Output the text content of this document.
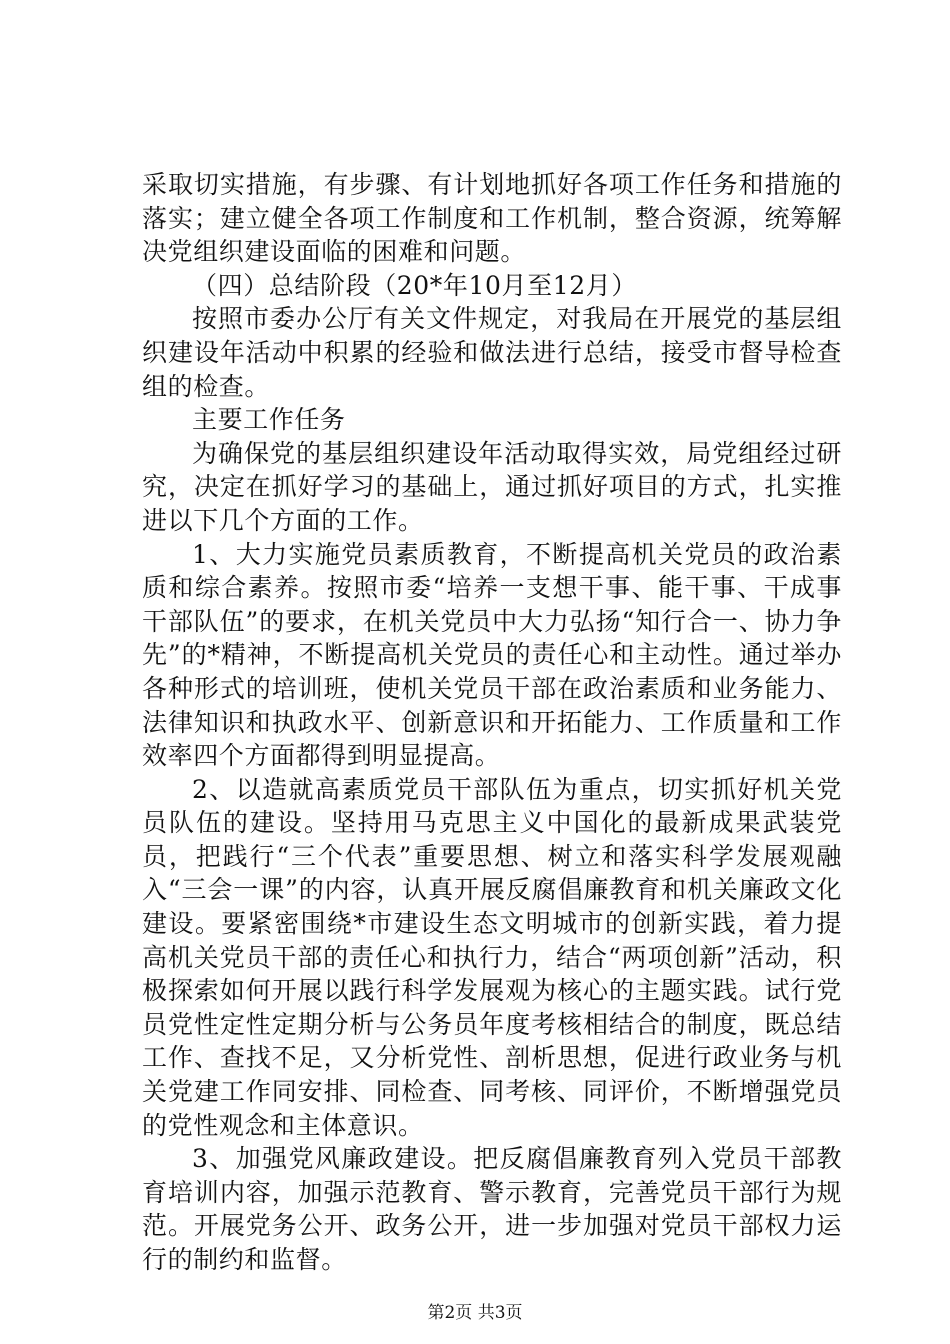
采取切实措施，有步骤、有计划地抓好各项工作任务和措施的落实；建立健全各项工作制度和工作机制，整合资源，统筹解决党组织建设面临的困难和问题。

（四）总结阶段（20*年10月至12月）

按照市委办公厅有关文件规定，对我局在开展党的基层组织建设年活动中积累的经验和做法进行总结，接受市督导检查组的检查。

主要工作任务

为确保党的基层组织建设年活动取得实效，局党组经过研究，决定在抓好学习的基础上，通过抓好项目的方式，扎实推进以下几个方面的工作。

1、大力实施党员素质教育，不断提高机关党员的政治素质和综合素养。按照市委“培养一支想干事、能干事、干成事干部队伍”的要求，在机关党员中大力弘扬“知行合一、协力争先”的*精神，不断提高机关党员的责任心和主动性。通过举办各种形式的培训班，使机关党员干部在政治素质和业务能力、法律知识和执政水平、创新意识和开拓能力、工作质量和工作效率四个方面都得到明显提高。

2、以造就高素质党员干部队伍为重点，切实抓好机关党员队伍的建设。坚持用马克思主义中国化的最新成果武装党员，把践行“三个代表”重要思想、树立和落实科学发展观融入“三会一课”的内容，认真开展反腐倡廉教育和机关廉政文化建设。要紧密围绕*市建设生态文明城市的创新实践，着力提高机关党员干部的责任心和执行力，结合“两项创新”活动，积极探索如何开展以践行科学发展观为核心的主题实践。试行党员党性定性定期分析与公务员年度考核相结合的制度，既总结工作、查找不足，又分析党性、剖析思想，促进行政业务与机关党建工作同安排、同检查、同考核、同评价，不断增强党员的党性观念和主体意识。

3、加强党风廉政建设。把反腐倡廉教育列入党员干部教育培训内容，加强示范教育、警示教育，完善党员干部行为规范。开展党务公开、政务公开，进一步加强对党员干部权力运行的制约和监督。

第2页 共3页
